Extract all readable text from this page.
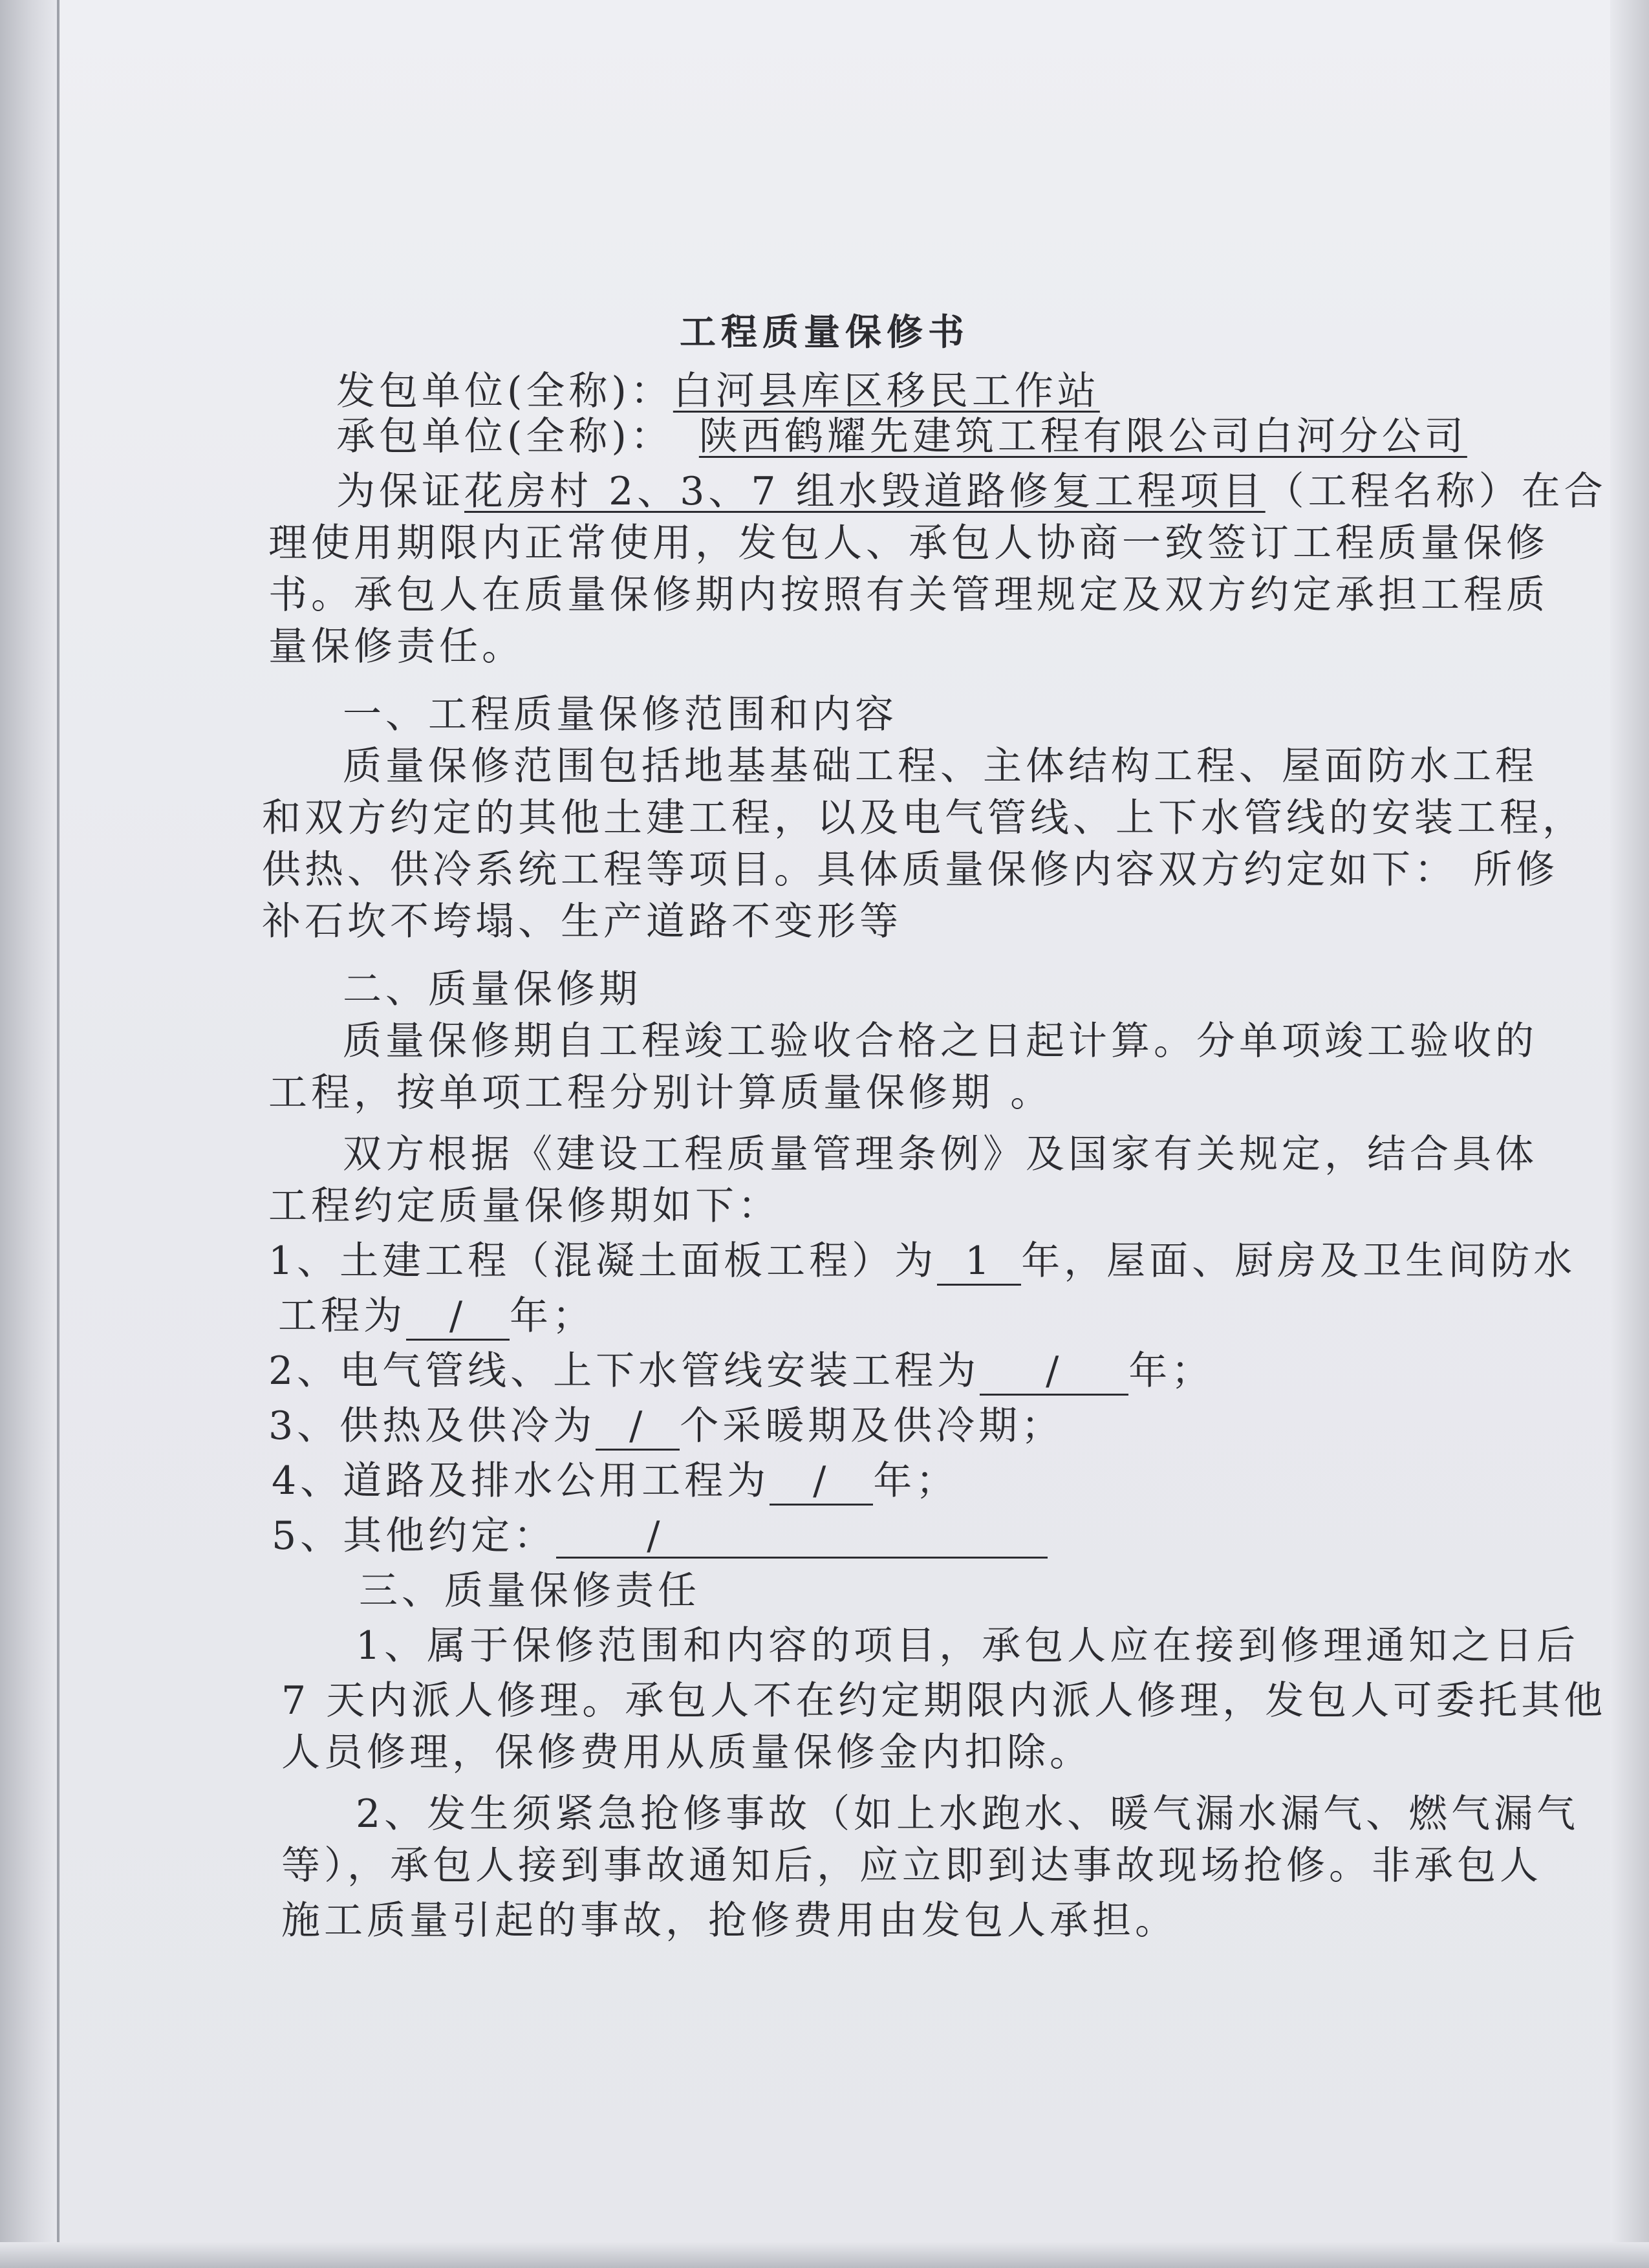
工程质量保修书
发包单位(全称)：白河县库区移民工作站
承包单位(全称)： 陕西鹤耀先建筑工程有限公司白河分公司
为保证花房村 2、3、7 组水毁道路修复工程项目（工程名称）在合
理使用期限内正常使用，发包人、承包人协商一致签订工程质量保修
书。承包人在质量保修期内按照有关管理规定及双方约定承担工程质
量保修责任。
一、工程质量保修范围和内容
质量保修范围包括地基基础工程、主体结构工程、屋面防水工程
和双方约定的其他土建工程，以及电气管线、上下水管线的安装工程，
供热、供冷系统工程等项目。具体质量保修内容双方约定如下： 所修
补石坎不垮塌、生产道路不变形等
二、质量保修期
质量保修期自工程竣工验收合格之日起计算。分单项竣工验收的
工程，按单项工程分别计算质量保修期 。
双方根据《建设工程质量管理条例》及国家有关规定，结合具体
工程约定质量保修期如下：
1、土建工程（混凝土面板工程）为 1 年，屋面、厨房及卫生间防水
工程为 / 年；
2、电气管线、上下水管线安装工程为 / 年；
3、供热及供冷为 / 个采暖期及供冷期；
4、道路及排水公用工程为 / 年；
5、其他约定： /
三、质量保修责任
1、属于保修范围和内容的项目，承包人应在接到修理通知之日后
7 天内派人修理。承包人不在约定期限内派人修理，发包人可委托其他
人员修理，保修费用从质量保修金内扣除。
2、发生须紧急抢修事故（如上水跑水、暖气漏水漏气、燃气漏气
等），承包人接到事故通知后，应立即到达事故现场抢修。非承包人
施工质量引起的事故，抢修费用由发包人承担。
